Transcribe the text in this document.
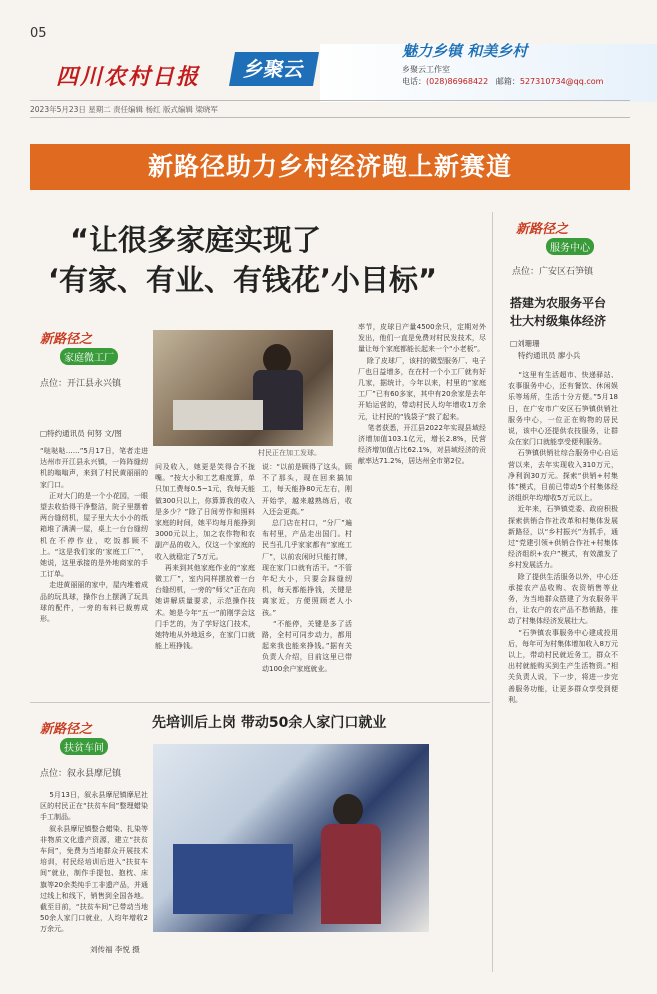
05
四川农村日报	乡聚云
魅力乡镇 和美乡村
乡聚云工作室
电话：(028)86968422 邮箱：527310734@qq.com
2023年5月23日 星期二 责任编辑 杨红 版式编辑 梁晓军
新路径助力乡村经济跑上新赛道
“让很多家庭实现了
‘有家、有业、有钱花’小目标”
新路径之
家庭微工厂
点位：开江县永兴镇
村民正在加工发球。
□特约通讯员 何努 文/图
“哒哒哒……”5月17日，笔者走进达州市开江县永兴镇，一阵阵缝纫机的嗡嗡声，来到了村民黄丽丽的家门口。
正对大门的是一个小花园，一眼望去收拾得干净整洁，院子里摆着两台缝纫机，屋子里大大小小的纸箱堆了满满一屋，桌上一台台缝纫机在不停作业，吃饭都顾不上。“这是我们家的‘家庭工厂’”，她说，这里承接的是外地商家的手工订单。
走进黄丽丽的家中，屋内堆着成品的玩具球，操作台上摆满了玩具球的配件，一旁的布料已裁剪成形。
问及收入，她更是笑得合不拢嘴。“按大小和工艺难度算，单只加工费每0.5~1元，我每天能做300只以上，你算算我的收入是多少？”除了日间劳作和照料家庭的时间，她平均每月能挣到3000元以上，加之农作物和农副产品的收入，仅这一个家庭的收入就稳定了5万元。
再来到其他家庭作业的“家庭微工厂”，室内同样摆放着一台台缝纫机，一旁的“师父”正在向她讲解质量要求，示范操作技术。她是今年“五一”前刚学会这门手艺的，为了学好这门技术，她特地从外地返乡，在家门口就能上班挣钱。
说：“以前是顾得了这头，顾不了那头，现在回来搞加工，每天能挣80元左右，刚开始学，越来越熟练后，收入还会更高。”
总门店在村口，“分厂”遍布村里，产品走出国门。村民当孔几乎家家都有“家庭工厂”，以前农闲时只能打牌，现在家门口就有活干。“不管年纪大小，只要会踩缝纫机，每天都能挣钱，关键是离家近，方便照顾老人小孩。”
“不能停，关键是多了活路，全村可同步动力，都用起来我也能来挣钱。”据有关负责人介绍，目前这里已带动100余户家庭就业。
率节，皮球日产量4500余只，定期对外发出，他们一直是免费对村民发技术，尽量让每个家庭都能长起来一个“小老板”。
除了皮球厂，该村的微型服务厂、电子厂也日益增多，在在村一个小工厂就有好几家，据统计，今年以来，村里的“家庭工厂”已有60多家，其中有20余家是去年开始运营的，带动村民人均年增收1万余元，让村民的“钱袋子”鼓了起来。
笔者获悉，开江县2022年实现县域经济增加值103.1亿元，增长2.8%，民营经济增加值占比62.1%，对县域经济的贡献率达71.2%，居达州全市第2位。
新路径之
扶贫车间
点位：叙永县摩尼镇
先培训后上岗 带动50余人家门口就业
5月13日，叙永县摩尼镇摩尼社区的村民正在“扶贫车间”整理蜡染手工制品。
叙永县摩尼镇整合蜡染、扎染等非物质文化遗产资源，建立“扶贫车间”，免费为当地群众开展技术培训，村民经培训后进入“扶贫车间”就业，制作手提包、抱枕、床旗等20余类纯手工非遗产品，并通过线上和线下，销售到全国各地。截至目前，“扶贫车间”已带动当地50余人家门口就业，人均年增收2万余元。
刘传福 李悦 摄
新路径之
服务中心
点位：广安区石笋镇
搭建为农服务平台
壮大村级集体经济
□刘珊珊
特约通讯员 廖小兵
“这里有生活超市、快递驿站、农事服务中心，还有餐饮、休闲娱乐等场所，生活十分方便。”5月18日，在广安市广安区石笋镇供销社服务中心，一位正在购物的居民说，该中心还提供农技服务，让群众在家门口就能享受便利服务。
石笋镇供销社综合服务中心自运营以来，去年实现收入310万元，净利润30万元。探索“供销+村集体”模式，目前已带动5个村集体经济组织年均增收5万元以上。
近年来，石笋镇党委、政府积极探索供销合作社改革和村集体发展新路径，以“乡村振兴”为抓手，通过“党建引领+供销合作社+村集体经济组织+农户”模式，有效激发了乡村发展活力。
除了提供生活服务以外，中心还承接农产品收购、农资销售等业务，为当地群众搭建了为农服务平台，让农户的农产品不愁销路，推动了村集体经济发展壮大。
“石笋镇农事服务中心建成投用后，每年可为村集体增加收入8万元以上，带动村民就近务工，群众不出村就能购买到生产生活物资。”相关负责人说，下一步，将进一步完善服务功能，让更多群众享受到便利。
